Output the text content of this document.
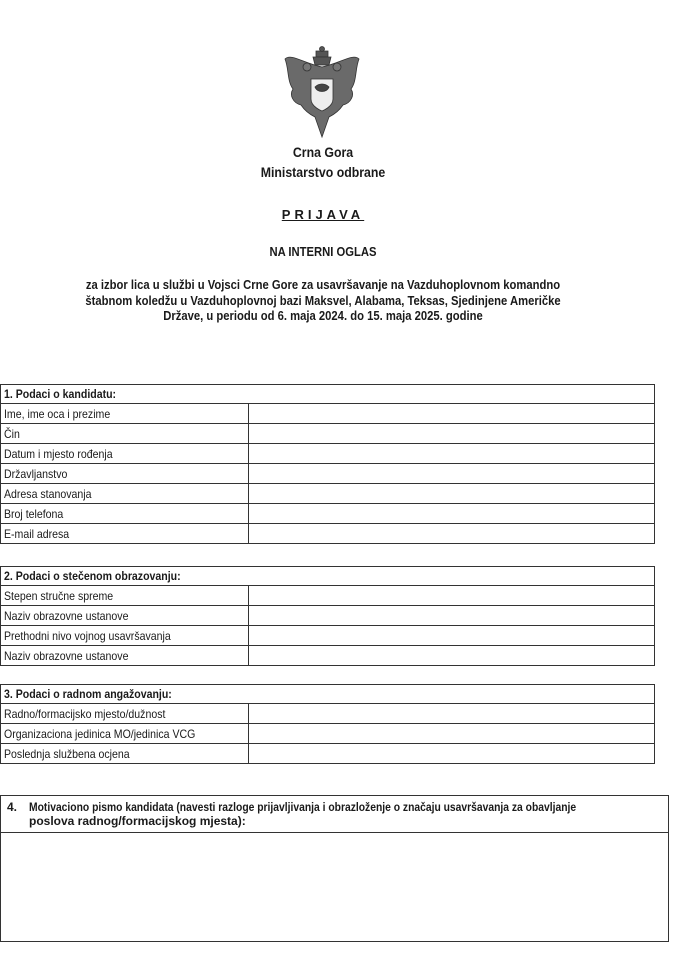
Crna Gora
Ministarstvo odbrane
PRIJAVA
NA INTERNI OGLAS
za izbor lica u službi u Vojsci Crne Gore za usavršavanje na Vazduhoplovnom komandno
štabnom koledžu u Vazduhoplovnoj bazi Maksvel, Alabama, Teksas, Sjedinjene Američke
Države, u periodu od 6. maja 2024. do 15. maja 2025. godine
1. Podaci o kandidatu:	
Ime, ime oca i prezime	
Čin	
Datum i mjesto rođenja	
Državljanstvo	
Adresa stanovanja	
Broj telefona	
E-mail adresa	
2. Podaci o stečenom obrazovanju:	
Stepen stručne spreme	
Naziv obrazovne ustanove	
Prethodni nivo vojnog usavršavanja	
Naziv obrazovne ustanove	
3. Podaci o radnom angažovanju:	
Radno/formacijsko mjesto/dužnost	
Organizaciona jedinica MO/jedinica VCG	
Poslednja službena ocjena	
4. Motivaciono pismo kandidata (navesti razloge prijavljivanja i obrazloženje o značaju usavršavanja za obavljanje
poslova radnog/formacijskog mjesta):
